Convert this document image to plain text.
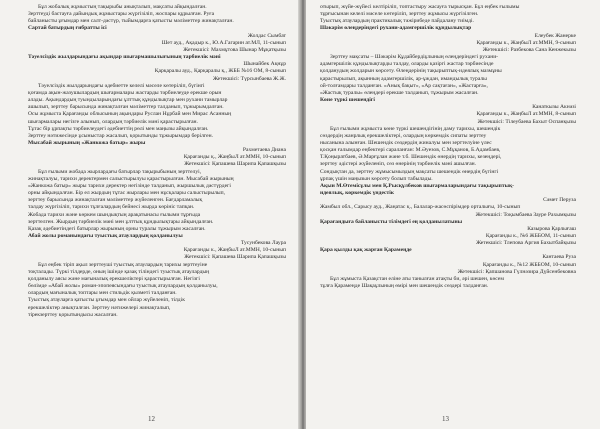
Бұл жобалық жұмыстың тақырыбы анықталып, мақсаты айқындалған.
Зерттеуді бастауға дайындық жұмыстары жүргізіліп, жоспары құрылған. Руға
байланысты ұғымдар мен салт-дәстүр, тыйымдарға қатысты мәліметтер жинақталған.
Сартай батырдың ғибратты ісі
Жолдас Сымбат
Шет ауд., Ақадыр к., Ю.А.Гагарин ат.МЛ, 11-сынып
Жетекшісі: Махмұтова Шынар Мұқатқызы
Тәуелсіздік жылдарындағы ақындар шығармашылығының тарбиелік мәні
Шынайбек Ақнұр
Қарқаралы ауд., Қарқаралы қ., ЖББ №16 ОМ, 8-сынып
Жетекшісі: Түрсынбаева Ж.Ж.
Тәуелсіздік жылдарындағы әдебиетте келелі мәселе көтеріліп, бүгінгі
қоғамда ақын-жазушылардың шығармалары жастарды тәрбиелеуде ерекше орын
алады. Ақындардың туындыларындағы ұлттық құндылықтар мен рухани тамырлар
ашылып, зерттеу барысында жинақталған мәліметтер талданып, тұжырымдалған.
Осы жұмыста Қарағанды облысының ақындары Руслан Нұрбай мен Мирас Асанның
шығармалары негізге алынып, олардың тәрбиелік мәні қарастырылған.
Тұтас бір ұрпақты тәрбиелеудегі әдебиеттің рөлі мен маңызы айқындалған.
Зерттеу нәтижесінде ұсыныстар жасалып, қорытынды тұжырымдар берілген.
Мысабай жырының «Жанкожа батыр» жыры
Рахметаева Диана
Қарағанды қ., ЖаңбыЛ ат.ММН, 10-сынып
Жетекшісі: Қапашева Шарипа Қапашқызы
Бұл ғылыми жобада жырлардағы батырлар тақырыбының зерттелуі,
жинақталуы, тарихи деректермен салыстырылуы қарастырылған. Мысабай жырының
«Жанкожа батыр» жыры тарихи деректер негізінде талданып, жыршылық дәстүрдегі
орны айқындалған. Бір ел жырдың тұтас жырлары мен нұсқалары салыстырылып,
зерттеу барысында жинақталған мәліметтер жүйеленген. Бағдарламалық
талдау жүргізіліп, тарихи тұлғалардың бейнесі жырда көрініс тапқан.
Жобада тарихи және көркем шындықтың арақатынасы ғылыми тұрғыда
зерттелген. Жырдың тәрбиелік мәні мен ұлттық құндылықтары айқындалған.
Қазақ әдебиетіндегі батырлар жырының орны туралы тұжырым жасалған.
Абай жолы романындағы туыстық атаулардың қолданылуы
Тусунбекова Лаура
Қарағанды к., ЖаңбыЛ ат.ММН, 10-сынып
Жетекшісі: Қапашева Шарипа Қапашқызы
Бұл еңбек тіріп ақыл зерттеуші туыстық атаулардың тарихы зерттеуіне
тоқталады. Түркі тілдерде, оның ішінде қазақ тіліндегі туыстық атаулардың
қолданылу аясы және мағыналық ерекшеліктері қарастырылған. Негізгі
бөлімде «Абай жолы» роман-эпопеясындағы туыстық атаулардың қолданылуы,
олардың мағыналық топтары мен стильдік қызметі талданған.
Туыстық атауларға қатысты ұғымдар мен ойлар жүйеленіп, тілдік
ерекшеліктер анықталған. Зерттеу нәтижелері жинақталып,
тірекзерттеу қорытындысы жасалған.
12
отырып, жүйе-жүйесі келтіріліп, топтастыру жасауға тырысқан. Бұл еңбек ғылымы
тұрғысынан келелі мәселе көтеріліп, зерттеу жұмысы жүргізілген.
Туыстық атаулардың практикалық тәжірибеде пайдалану тиімді.
Шәкәрім өлеңдеріндегі рухани-адамгершілік құндылықтар
Елеубек Жанерке
Қарағанды к., ЖаңбыЛ ат.ММН, 9-сынып
Жетекшісі: Разбекова Сана Кенжекызы
Зерттеу мақсаты – Шәкәрім Құдайбердіұлының өлеңдеріндегі рухани-
адамгершілік құндылықтарды талдау, оларды қазіргі жастар тәрбиесінде
қолданудың жолдарын көрсету. Өлеңдерінің тақырыптық-идеялық мазмұны
қарастырылып, ақынның адамгершілік, ар-ұждан, имандылық туралы
ой-толғамдары талданған. «Анық бақыт», «Ар сақтаған», «Жастарға»,
«Жастық туралы» өлеңдері ерекше талданып, тұжырым жасалған.
Көне түркі шешендігі
Канаткызы Акнәзі
Қарағанды к., ЖаңбыЛ ат.ММН, 8-сынып
Жетекшісі: Тілеубаева Бахыт Оспанқызы
Бұл ғылыми жұмыста көне түркі шешендігінің даму тарихы, шешендік
сөздердің жанрлық ерекшеліктері, олардың көркемдік сипаты зерттеу
нысанына алынған. Шешендік сөздердің жиналуы мен зерттелуіне үлес
қосқан ғалымдар еңбектері сараланған: М.Әуезов, С.Мұқанов, Б.Адамбаев,
Т.Қоңыратбаев, Ә.Марғұлан және т.б. Шешендік өнердің тарихы, кезеңдері,
зерттеу әдістері жүйеленіп, сөз өнерінің тәрбиелік мәні ашылған.
Сондықтан да, зерттеу жұмысымыздың мақсаты шешендік өнердің бүгінгі
ұрпақ үшін маңызын көрсету болып табылады.
Ақын М.Өтемісұлы мен Қ.Рысқұлбеков шығармаларындағы тақырыптық-
идеялық, көркемдік үндестік
Сәмет Перуза
Жамбыл обл., Сарысу ауд., Жаңатас қ., Балалар-жасөспірімдер орталығы, 10-сынып
Жетекшісі: Тоқымбаева Зауре Рахымқызы
Қарағандыға байланысты тілімдегі ең қолданылатыны
Казырова Қарлығаш
Қарағанды к., №6 ЖББОМ, 11-сынып
Жетекшісі: Тлепова Аргия Бахытбайқызы
Қара қылды қақ жарған Қарамеңде
Кантаева Руза
Қарағанды к., №12 ЖББОМ, 10-сынып
Жетекшісі: Қапшанова Гүлнәзира Дүйсенбековна
Бұл жұмыста Қазақстан еліне аты танылған атақты би, әрі шешен, көсем
тұлға Қарамеңде Шақаұлының өмірі мен шешендік сөздері талданған.
13
